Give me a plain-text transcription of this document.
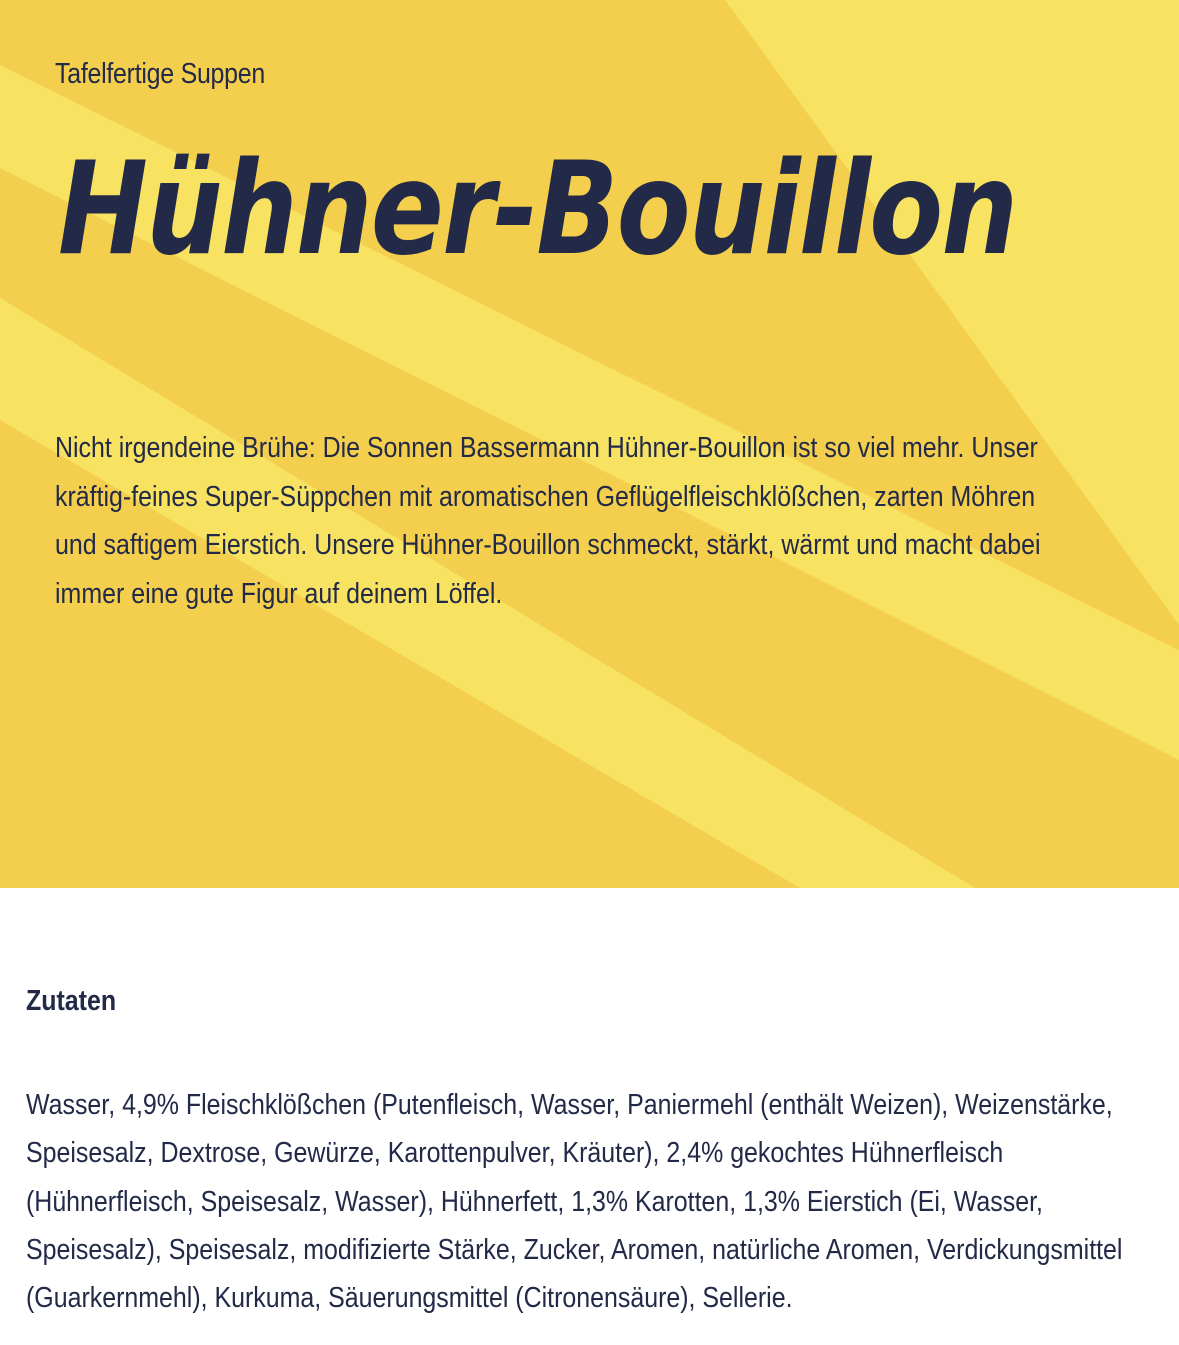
Tafelfertige Suppen
Hühner-Bouillon

Nicht irgendeine Brühe: Die Sonnen Bassermann Hühner-Bouillon ist so viel mehr. Unser kräftig-feines Super-Süppchen mit aromatischen Geflügelfleischklößchen, zarten Möhren und saftigem Eierstich. Unsere Hühner-Bouillon schmeckt, stärkt, wärmt und macht dabei immer eine gute Figur auf deinem Löffel.

Zutaten

Wasser, 4,9% Fleischklößchen (Putenfleisch, Wasser, Paniermehl (enthält Weizen), Weizenstärke, Speisesalz, Dextrose, Gewürze, Karottenpulver, Kräuter), 2,4% gekochtes Hühnerfleisch (Hühnerfleisch, Speisesalz, Wasser), Hühnerfett, 1,3% Karotten, 1,3% Eierstich (Ei, Wasser, Speisesalz), Speisesalz, modifizierte Stärke, Zucker, Aromen, natürliche Aromen, Verdickungsmittel (Guarkernmehl), Kurkuma, Säuerungsmittel (Citronensäure), Sellerie.
